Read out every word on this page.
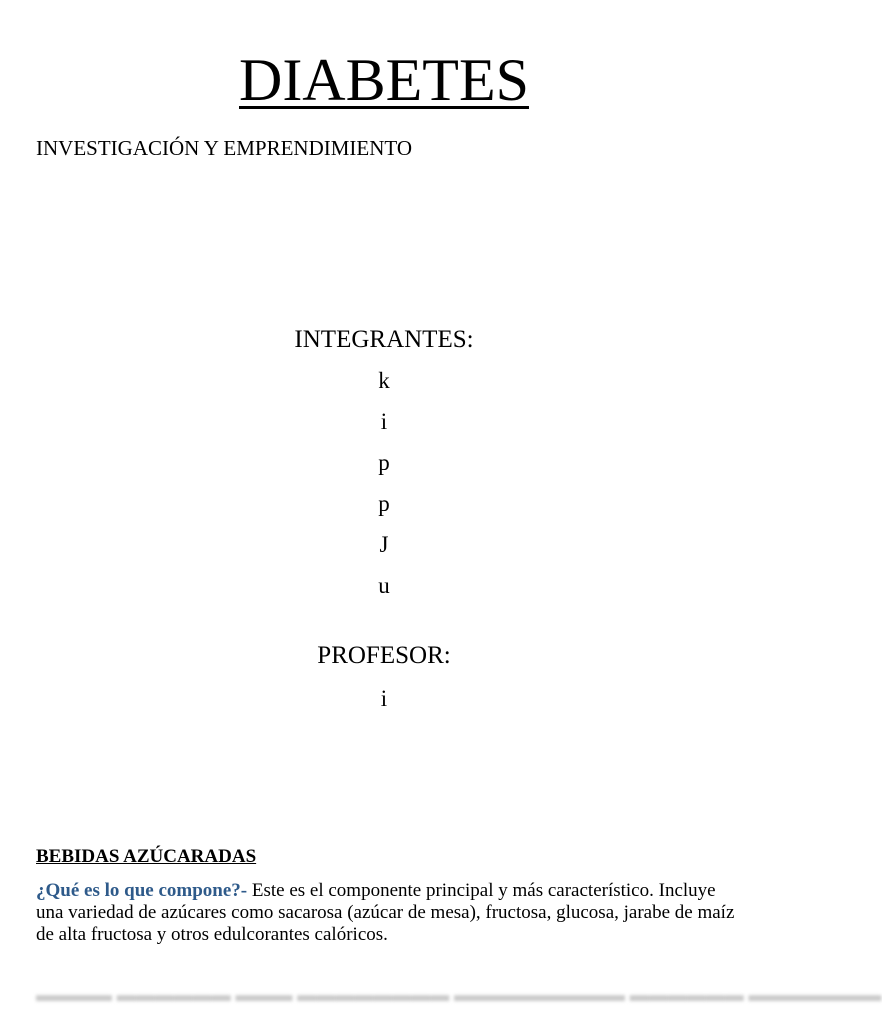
DIABETES

INVESTIGACIÓN Y EMPRENDIMIENTO

INTEGRANTES:
k
i
p
p
J
u
PROFESOR:
i
BEBIDAS AZÚCARADAS

¿Qué es lo que compone?- Este es el componente principal y más característico. Incluye una variedad de azúcares como sacarosa (azúcar de mesa), fructosa, glucosa, jarabe de maíz de alta fructosa y otros edulcorantes calóricos.

▬▬▬▬ ▬▬▬▬▬▬ ▬▬▬ ▬▬▬▬▬▬▬▬ ▬▬▬▬▬▬▬▬▬ ▬▬▬▬▬▬ ▬▬▬▬▬▬▬
